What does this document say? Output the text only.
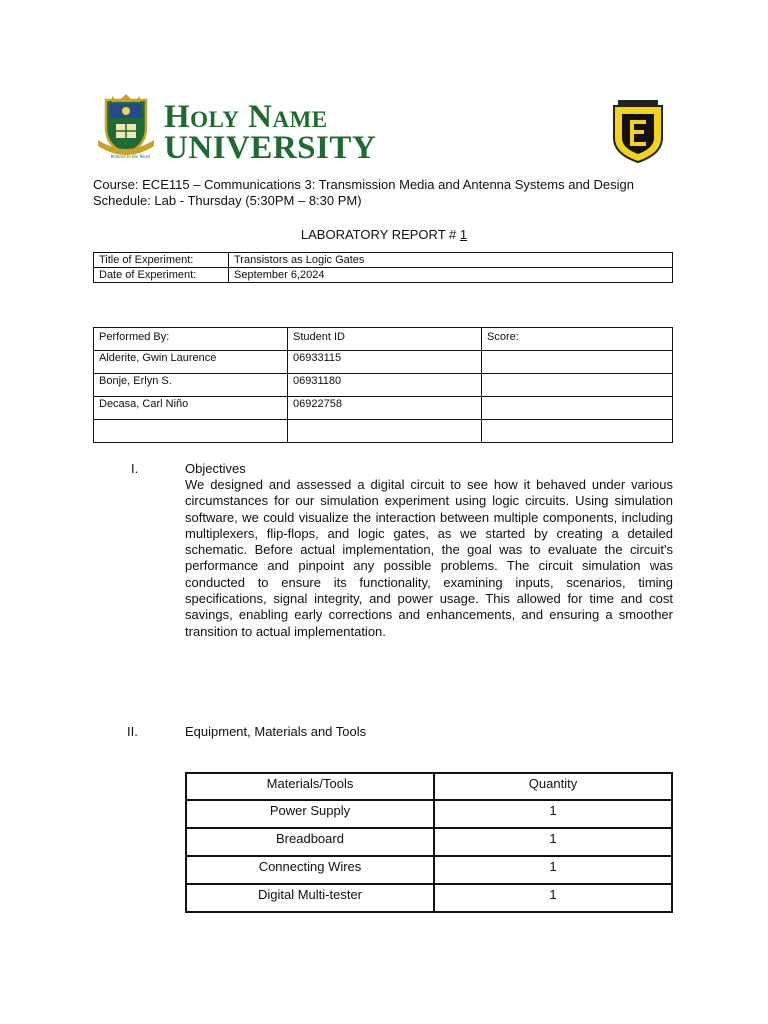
Witness to the Word
Holy Name
UNIVERSITY
Course: ECE115 – Communications 3: Transmission Media and Antenna Systems and Design
Schedule: Lab - Thursday (5:30PM – 8:30 PM)
LABORATORY REPORT # 1
Title of Experiment:	Transistors as Logic Gates
Date of Experiment:	September 6,2024
Performed By:	Student ID	Score:
Alderite, Gwin Laurence	06933115	
Bonje, Erlyn S.	06931180	
Decasa, Carl Niño	06922758	

I.	Objectives
We designed and assessed a digital circuit to see how it behaved under various circumstances for our simulation experiment using logic circuits. Using simulation software, we could visualize the interaction between multiple components, including multiplexers, flip-flops, and logic gates, as we started by creating a detailed schematic. Before actual implementation, the goal was to evaluate the circuit's performance and pinpoint any possible problems. The circuit simulation was conducted to ensure its functionality, examining inputs, scenarios, timing specifications, signal integrity, and power usage. This allowed for time and cost savings, enabling early corrections and enhancements, and ensuring a smoother transition to actual implementation.
II.	Equipment, Materials and Tools
Materials/Tools	Quantity
Power Supply	1
Breadboard	1
Connecting Wires	1
Digital Multi-tester	1
